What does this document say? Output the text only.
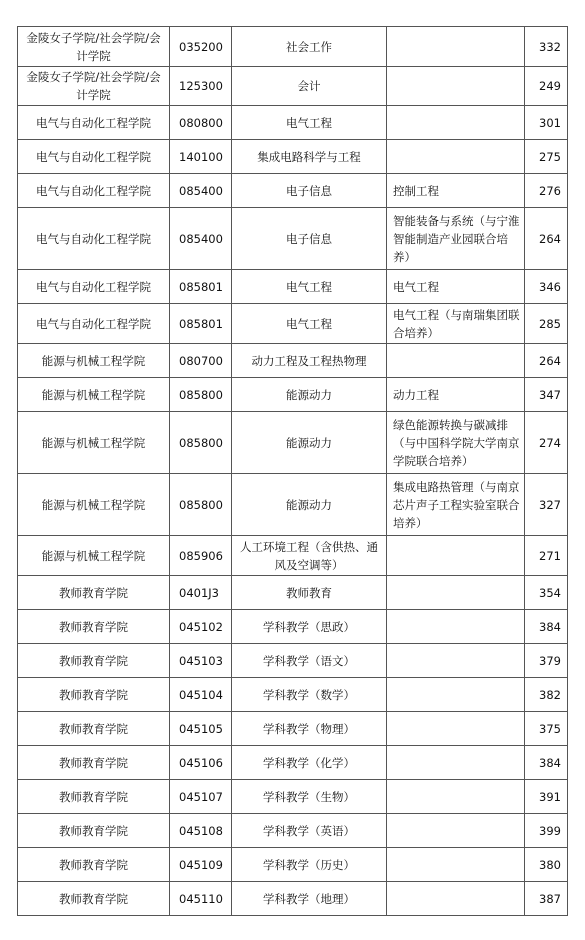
金陵女子学院/社会学院/会计学院	035200	社会工作		332
金陵女子学院/社会学院/会计学院	125300	会计		249
电气与自动化工程学院	080800	电气工程		301
电气与自动化工程学院	140100	集成电路科学与工程		275
电气与自动化工程学院	085400	电子信息	控制工程	276
电气与自动化工程学院	085400	电子信息	智能装备与系统（与宁淮智能制造产业园联合培养）	264
电气与自动化工程学院	085801	电气工程	电气工程	346
电气与自动化工程学院	085801	电气工程	电气工程（与南瑞集团联合培养）	285
能源与机械工程学院	080700	动力工程及工程热物理		264
能源与机械工程学院	085800	能源动力	动力工程	347
能源与机械工程学院	085800	能源动力	绿色能源转换与碳减排（与中国科学院大学南京学院联合培养）	274
能源与机械工程学院	085800	能源动力	集成电路热管理（与南京芯片声子工程实验室联合培养）	327
能源与机械工程学院	085906	人工环境工程（含供热、通风及空调等）		271
教师教育学院	0401J3	教师教育		354
教师教育学院	045102	学科教学（思政）		384
教师教育学院	045103	学科教学（语文）		379
教师教育学院	045104	学科教学（数学）		382
教师教育学院	045105	学科教学（物理）		375
教师教育学院	045106	学科教学（化学）		384
教师教育学院	045107	学科教学（生物）		391
教师教育学院	045108	学科教学（英语）		399
教师教育学院	045109	学科教学（历史）		380
教师教育学院	045110	学科教学（地理）		387
